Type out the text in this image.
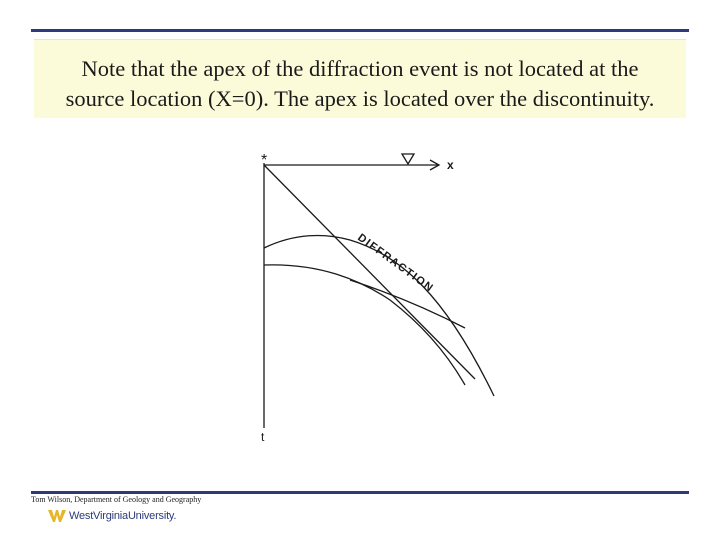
Note that the apex of the diffraction event is not located at the
source location (X=0). The apex is located over the discontinuity.
*	x
t
DIFFRACTION
Tom Wilson, Department of Geology and Geography
WestVirginiaUniversity.
